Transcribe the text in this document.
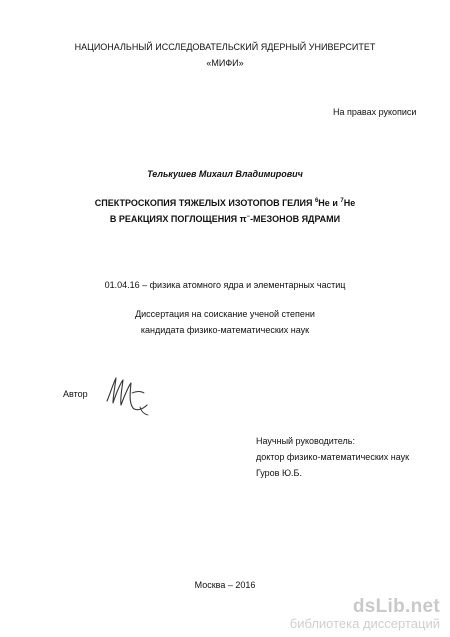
НАЦИОНАЛЬНЫЙ ИССЛЕДОВАТЕЛЬСКИЙ ЯДЕРНЫЙ УНИВЕРСИТЕТ
«МИФИ»
На правах рукописи
Телькушев Михаил Владимирович
СПЕКТРОСКОПИЯ ТЯЖЕЛЫХ ИЗОТОПОВ ГЕЛИЯ $^6$He и $^7$He
В РЕАКЦИЯХ ПОГЛОЩЕНИЯ π−-МЕЗОНОВ ЯДРАМИ
01.04.16 – физика атомного ядра и элементарных частиц
Диссертация на соискание ученой степени
кандидата физико-математических наук
Автор
Научный руководитель:
доктор физико-математических наук
Гуров Ю.Б.
Москва – 2016
dsLib.net
библиотека диссертаций
